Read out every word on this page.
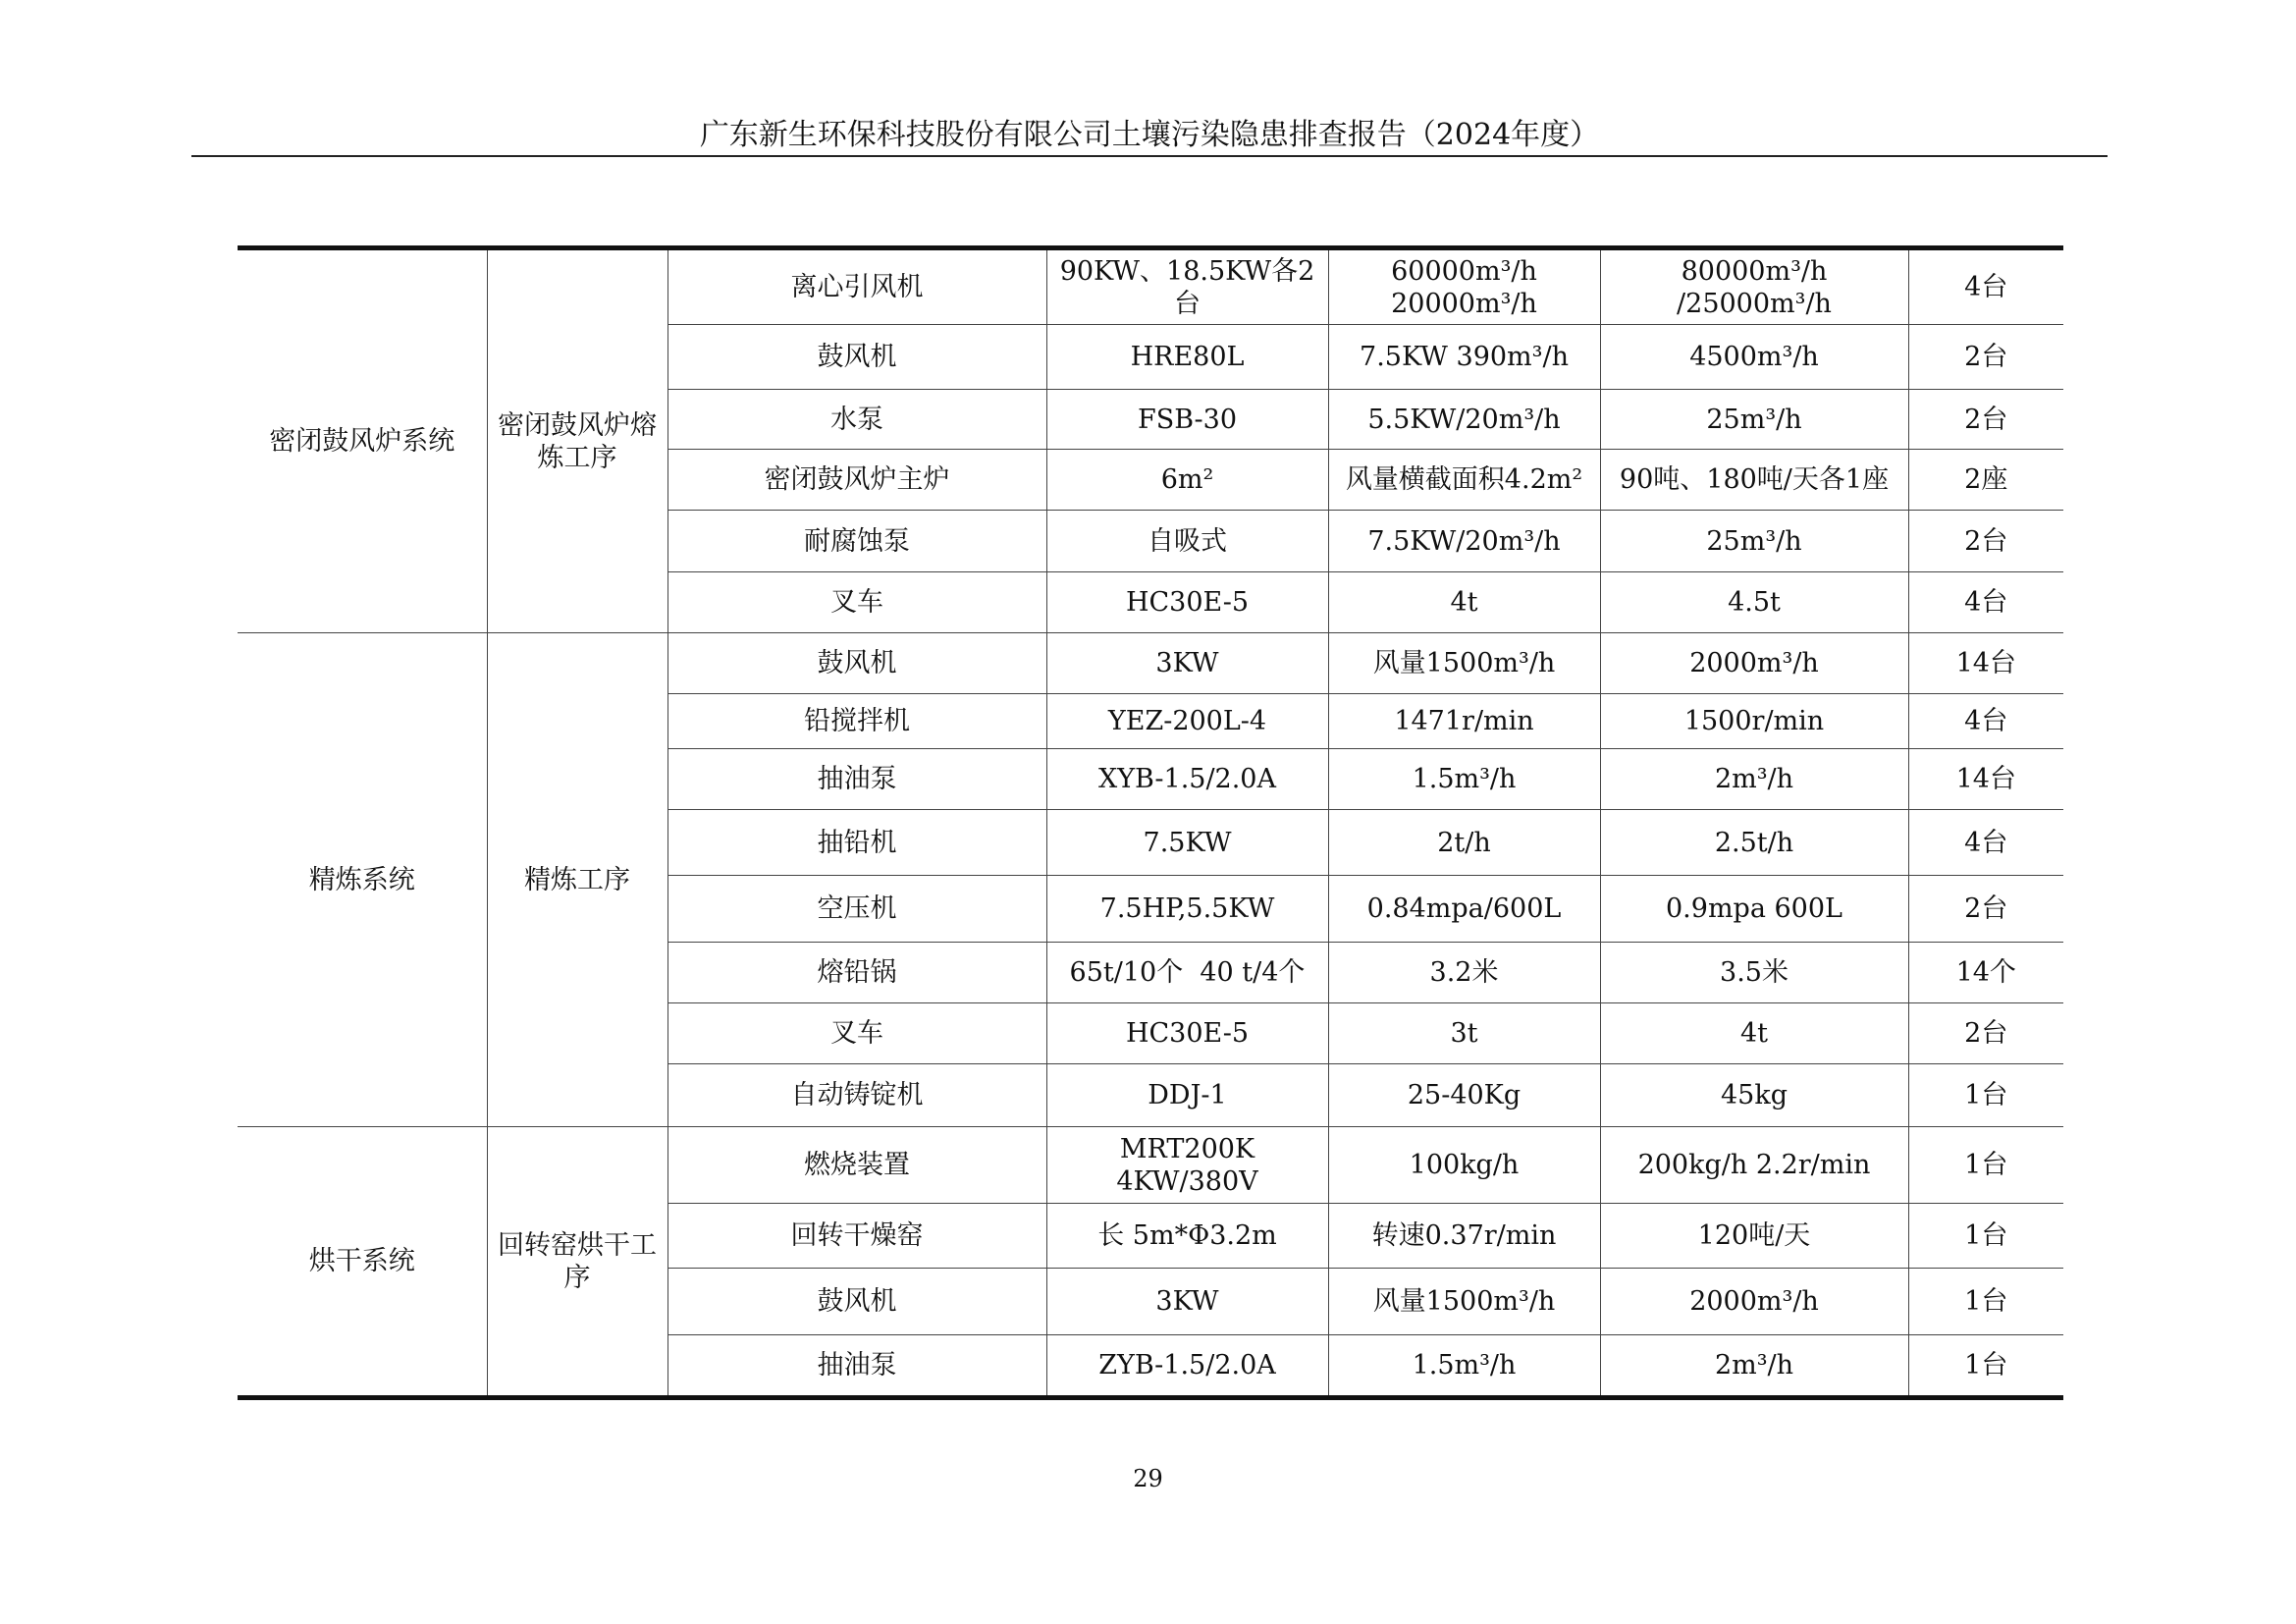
广东新生环保科技股份有限公司土壤污染隐患排查报告（2024年度）
密闭鼓风炉系统	密闭鼓风炉熔炼工序	离心引风机	90KW、18.5KW各2台	60000m³/h 20000m³/h	80000m³/h /25000m³/h	4台
		鼓风机	HRE80L	7.5KW 390m³/h	4500m³/h	2台
		水泵	FSB-30	5.5KW/20m³/h	25m³/h	2台
		密闭鼓风炉主炉	6m²	风量横截面积4.2m²	90吨、180吨/天各1座	2座
		耐腐蚀泵	自吸式	7.5KW/20m³/h	25m³/h	2台
		叉车	HC30E-5	4t	4.5t	4台
精炼系统	精炼工序	鼓风机	3KW	风量1500m³/h	2000m³/h	14台
		铅搅拌机	YEZ-200L-4	1471r/min	1500r/min	4台
		抽油泵	XYB-1.5/2.0A	1.5m³/h	2m³/h	14台
		抽铅机	7.5KW	2t/h	2.5t/h	4台
		空压机	7.5HP,5.5KW	0.84mpa/600L	0.9mpa 600L	2台
		熔铅锅	65t/10个  40 t/4个	3.2米	3.5米	14个
		叉车	HC30E-5	3t	4t	2台
		自动铸锭机	DDJ-1	25-40Kg	45kg	1台
烘干系统	回转窑烘干工序	燃烧装置	MRT200K 4KW/380V	100kg/h	200kg/h 2.2r/min	1台
		回转干燥窑	长 5m*Φ3.2m	转速0.37r/min	120吨/天	1台
		鼓风机	3KW	风量1500m³/h	2000m³/h	1台
		抽油泵	ZYB-1.5/2.0A	1.5m³/h	2m³/h	1台
29
